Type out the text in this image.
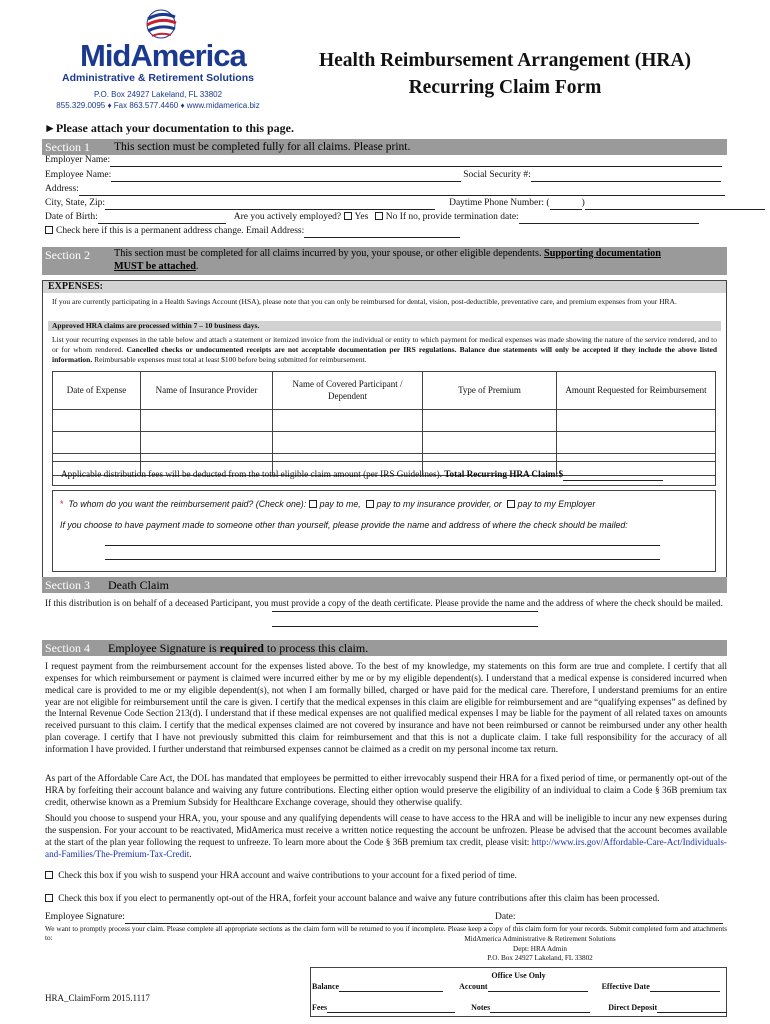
MidAmerica
Administrative & Retirement Solutions
P.O. Box 24927 Lakeland, FL 33802
855.329.0095 ♦ Fax 863.577.4460 ♦ www.midamerica.biz
Health Reimbursement Arrangement (HRA)
Recurring Claim Form
►Please attach your documentation to this page.
Section 1 This section must be completed fully for all claims. Please print.
Employer Name:
Employee Name:	Social Security #:
Address:
City, State, Zip:	Daytime Phone Number: (	)
Date of Birth:	Are you actively employed? Yes No If no, provide termination date:
Check here if this is a permanent address change. Email Address:
Section 2 This section must be completed for all claims incurred by you, your spouse, or other eligible dependents. Supporting documentation
MUST be attached.
EXPENSES:
If you are currently participating in a Health Savings Account (HSA), please note that you can only be reimbursed for dental, vision, post-deductible, preventative care, and premium expenses from your HRA.
Approved HRA claims are processed within 7 – 10 business days.
List your recurring expenses in the table below and attach a statement or itemized invoice from the individual or entity to which payment for medical expenses was made showing the nature of the service rendered, and to or for whom rendered. Cancelled checks or undocumented receipts are not acceptable documentation per IRS regulations. Balance due statements will only be accepted if they include the above listed information. Reimbursable expenses must total at least $100 before being submitted for reimbursement.
Date of Expense	Name of Insurance Provider	Name of Covered Participant / Dependent	Type of Premium	Amount Requested for Reimbursement

Applicable distribution fees will be deducted from the total eligible claim amount (per IRS Guidelines). Total Recurring HRA Claim:$
* To whom do you want the reimbursement paid? (Check one): pay to me, pay to my insurance provider, or pay to my Employer
If you choose to have payment made to someone other than yourself, please provide the name and address of where the check should be mailed:
Section 3 Death Claim
If this distribution is on behalf of a deceased Participant, you must provide a copy of the death certificate. Please provide the name and the address of where the check should be mailed.
Section 4 Employee Signature is required to process this claim.
I request payment from the reimbursement account for the expenses listed above. To the best of my knowledge, my statements on this form are true and complete. I certify that all expenses for which reimbursement or payment is claimed were incurred either by me or by my eligible dependent(s). I understand that a medical expense is considered incurred when medical care is provided to me or my eligible dependent(s), not when I am formally billed, charged or have paid for the medical care. Therefore, I understand premiums for an entire year are not eligible for reimbursement until the care is given. I certify that the medical expenses in this claim are eligible for reimbursement and are “qualifying expenses” as defined by the Internal Revenue Code Section 213(d). I understand that if these medical expenses are not qualified medical expenses I may be liable for the payment of all related taxes on amounts received pursuant to this claim. I certify that the medical expenses claimed are not covered by insurance and have not been reimbursed or cannot be reimbursed under any other health plan coverage. I certify that I have not previously submitted this claim for reimbursement and that this is not a duplicate claim. I take full responsibility for the accuracy of all information I have provided. I further understand that reimbursed expenses cannot be claimed as a credit on my personal income tax return.
As part of the Affordable Care Act, the DOL has mandated that employees be permitted to either irrevocably suspend their HRA for a fixed period of time, or permanently opt-out of the HRA by forfeiting their account balance and waiving any future contributions. Electing either option would preserve the eligibility of an individual to claim a Code § 36B premium tax credit, otherwise known as a Premium Subsidy for Healthcare Exchange coverage, should they otherwise qualify.
Should you choose to suspend your HRA, you, your spouse and any qualifying dependents will cease to have access to the HRA and will be ineligible to incur any new expenses during the suspension. For your account to be reactivated, MidAmerica must receive a written notice requesting the account be unfrozen. Please be advised that the account becomes available at the start of the plan year following the request to unfreeze. To learn more about the Code § 36B premium tax credit, please visit: http://www.irs.gov/Affordable-Care-Act/Individuals-and-Families/The-Premium-Tax-Credit.
Check this box if you wish to suspend your HRA account and waive contributions to your account for a fixed period of time.
Check this box if you elect to permanently opt-out of the HRA, forfeit your account balance and waive any future contributions after this claim has been processed.
Employee Signature:	Date:
We want to promptly process your claim. Please complete all appropriate sections as the claim form will be returned to you if incomplete. Please keep a copy of this claim form for your records. Submit completed form and attachments to:	MidAmerica Administrative & Retirement Solutions
Dept: HRA Admin
P.O. Box 24927 Lakeland, FL 33802
HRA_ClaimForm 2015.1117
Office Use Only
Balance	Account	Effective Date
Fees	Notes	Direct Deposit
